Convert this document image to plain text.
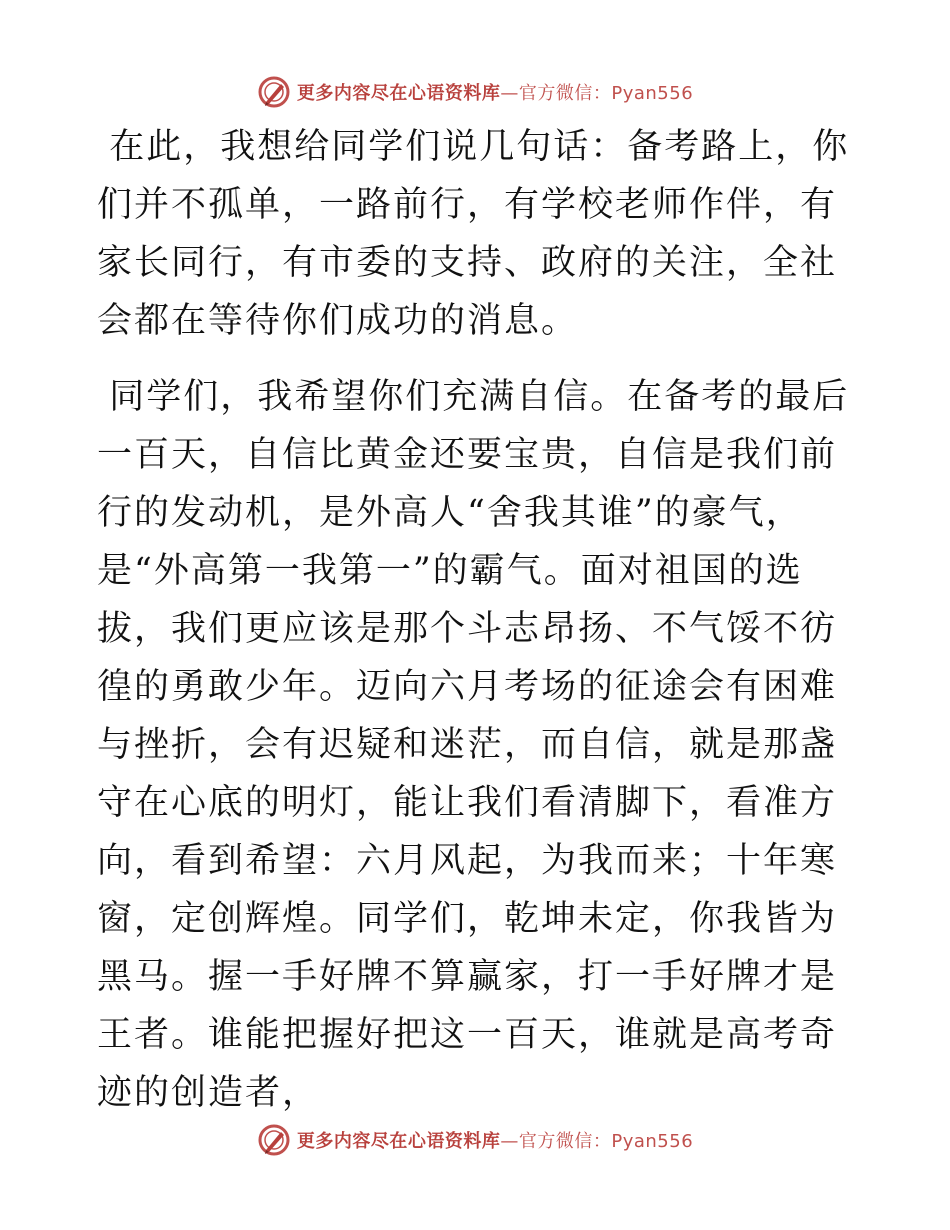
更多内容尽在心语资料库—官方微信：Pyan556

在此，我想给同学们说几句话：备考路上，你们并不孤单，一路前行，有学校老师作伴，有家长同行，有市委的支持、政府的关注，全社会都在等待你们成功的消息。

同学们，我希望你们充满自信。在备考的最后一百天，自信比黄金还要宝贵，自信是我们前行的发动机，是外高人“舍我其谁”的豪气，是“外高第一我第一”的霸气。面对祖国的选拔，我们更应该是那个斗志昂扬、不气馁不彷徨的勇敢少年。迈向六月考场的征途会有困难与挫折，会有迟疑和迷茫，而自信，就是那盏守在心底的明灯，能让我们看清脚下，看准方向，看到希望：六月风起，为我而来；十年寒窗，定创辉煌。同学们，乾坤未定，你我皆为黑马。握一手好牌不算赢家，打一手好牌才是王者。谁能把握好把这一百天，谁就是高考奇迹的创造者，

更多内容尽在心语资料库—官方微信：Pyan556
